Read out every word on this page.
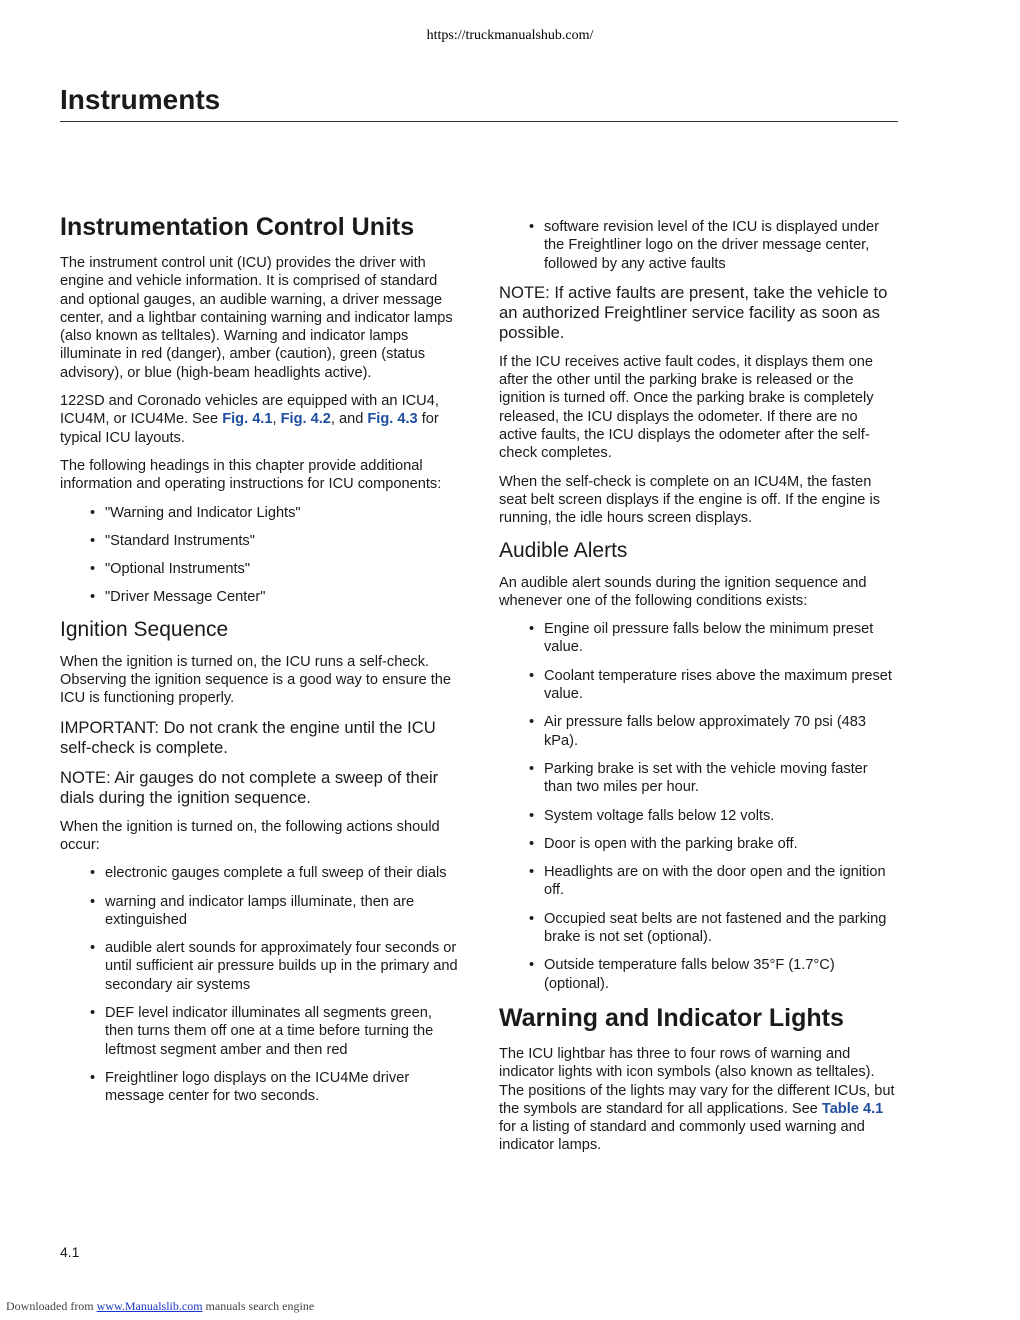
https://truckmanualshub.com/
Instruments
Instrumentation Control Units

The instrument control unit (ICU) provides the driver with engine and vehicle information. It is comprised of standard and optional gauges, an audible warning, a driver message center, and a lightbar containing warning and indicator lamps (also known as telltales). Warning and indicator lamps illuminate in red (danger), amber (caution), green (status advisory), or blue (high-beam headlights active).

122SD and Coronado vehicles are equipped with an ICU4, ICU4M, or ICU4Me. See Fig. 4.1, Fig. 4.2, and Fig. 4.3 for typical ICU layouts.

The following headings in this chapter provide additional information and operating instructions for ICU components:

• "Warning and Indicator Lights"
• "Standard Instruments"
• "Optional Instruments"
• "Driver Message Center"
Ignition Sequence

When the ignition is turned on, the ICU runs a self-check. Observing the ignition sequence is a good way to ensure the ICU is functioning properly.

IMPORTANT: Do not crank the engine until the ICU self-check is complete.

NOTE: Air gauges do not complete a sweep of their dials during the ignition sequence.

When the ignition is turned on, the following actions should occur:

• electronic gauges complete a full sweep of their dials
• warning and indicator lamps illuminate, then are extinguished
• audible alert sounds for approximately four seconds or until sufficient air pressure builds up in the primary and secondary air systems
• DEF level indicator illuminates all segments green, then turns them off one at a time before turning the leftmost segment amber and then red
• Freightliner logo displays on the ICU4Me driver message center for two seconds.
• software revision level of the ICU is displayed under the Freightliner logo on the driver message center, followed by any active faults

NOTE: If active faults are present, take the vehicle to an authorized Freightliner service facility as soon as possible.

If the ICU receives active fault codes, it displays them one after the other until the parking brake is released or the ignition is turned off. Once the parking brake is completely released, the ICU displays the odometer. If there are no active faults, the ICU displays the odometer after the self-check completes.

When the self-check is complete on an ICU4M, the fasten seat belt screen displays if the engine is off. If the engine is running, the idle hours screen displays.

Audible Alerts

An audible alert sounds during the ignition sequence and whenever one of the following conditions exists:

• Engine oil pressure falls below the minimum preset value.
• Coolant temperature rises above the maximum preset value.
• Air pressure falls below approximately 70 psi (483 kPa).
• Parking brake is set with the vehicle moving faster than two miles per hour.
• System voltage falls below 12 volts.
• Door is open with the parking brake off.
• Headlights are on with the door open and the ignition off.
• Occupied seat belts are not fastened and the parking brake is not set (optional).
• Outside temperature falls below 35°F (1.7°C) (optional).
Warning and Indicator Lights

The ICU lightbar has three to four rows of warning and indicator lights with icon symbols (also known as telltales). The positions of the lights may vary for the different ICUs, but the symbols are standard for all applications. See Table 4.1 for a listing of standard and commonly used warning and indicator lamps.

4.1
Downloaded from www.Manualslib.com manuals search engine
